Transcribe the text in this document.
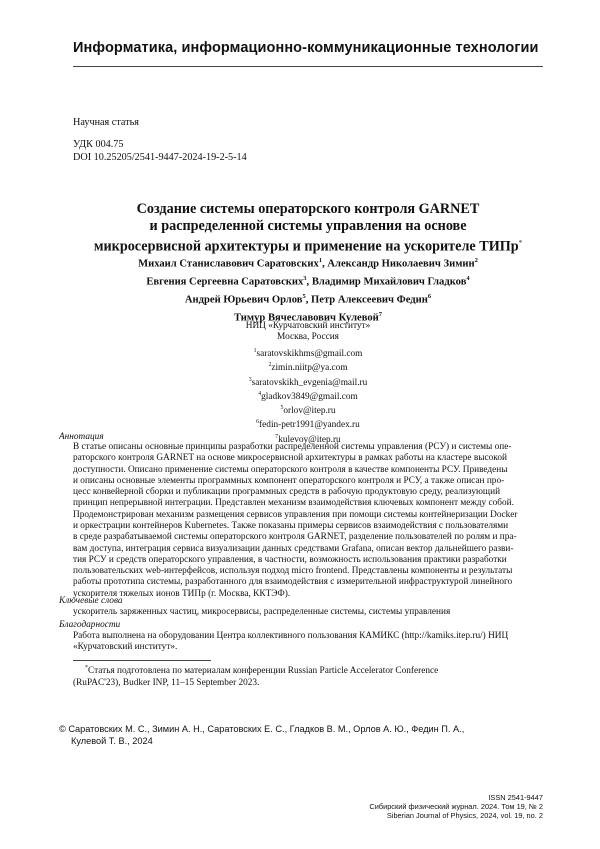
Информатика, информационно-коммуникационные технологии
Научная статья
УДК 004.75
DOI 10.25205/2541-9447-2024-19-2-5-14
Создание системы операторского контроля GARNET
и распределенной системы управления на основе
микросервисной архитектуры и применение на ускорителе ТИПр*
Михаил Станиславович Саратовских$^1$, Александр Николаевич Зимин$^2$
Евгения Сергеевна Саратовских$^3$, Владимир Михайлович Гладков$^4$
Андрей Юрьевич Орлов$^5$, Петр Алексеевич Федин$^6$
Тимур Вячеславович Кулевой$^7$
НИЦ «Курчатовский институт»
Москва, Россия
$^1$saratovskikhms@gmail.com
$^2$zimin.niitp@ya.com
$^3$saratovskikh_evgenia@mail.ru
$^4$gladkov3849@gmail.com
$^5$orlov@itep.ru
$^6$fedin-petr1991@yandex.ru
$^7$kulevoy@itep.ru
Аннотация
В статье описаны основные принципы разработки распределенной системы управления (РСУ) и системы опе-
раторского контроля GARNET на основе микросервисной архитектуры в рамках работы на кластере высокой
доступности. Описано применение системы операторского контроля в качестве компоненты РСУ. Приведены
и описаны основные элементы программных компонент операторского контроля и РСУ, а также описан про-
цесс конвейерной сборки и публикации программных средств в рабочую продуктовую среду, реализующий
принцип непрерывной интеграции. Представлен механизм взаимодействия ключевых компонент между собой.
Продемонстрирован механизм размещения сервисов управления при помощи системы контейнеризации Docker
и оркестрации контейнеров Kubernetes. Также показаны примеры сервисов взаимодействия с пользователями
в среде разрабатываемой системы операторского контроля GARNET, разделение пользователей по ролям и пра-
вам доступа, интеграция сервиса визуализации данных средствами Grafana, описан вектор дальнейшего разви-
тия РСУ и средств операторского управления, в частности, возможность использования практики разработки
пользовательских web-интерфейсов, используя подход micro frontend. Представлены компоненты и результаты
работы прототипа системы, разработанного для взаимодействия с измерительной инфраструктурой линейного
ускорителя тяжелых ионов ТИПр (г. Москва, ККТЭФ).
Ключевые слова
ускоритель заряженных частиц, микросервисы, распределенные системы, системы управления
Благодарности
Работа выполнена на оборудовании Центра коллективного пользования КАМИКС (http://kamiks.itep.ru/) НИЦ
«Курчатовский институт».
*Статья подготовлена по материалам конференции Russian Particle Accelerator Conference
(RuPAC'23), Budker INP, 11–15 September 2023.
© Саратовских М. С., Зимин А. Н., Саратовских Е. С., Гладков В. М., Орлов А. Ю., Федин П. А.,
Кулевой Т. В., 2024
ISSN 2541-9447
Сибирский физический журнал. 2024. Том 19, № 2
Siberian Journal of Physics, 2024, vol. 19, no. 2
